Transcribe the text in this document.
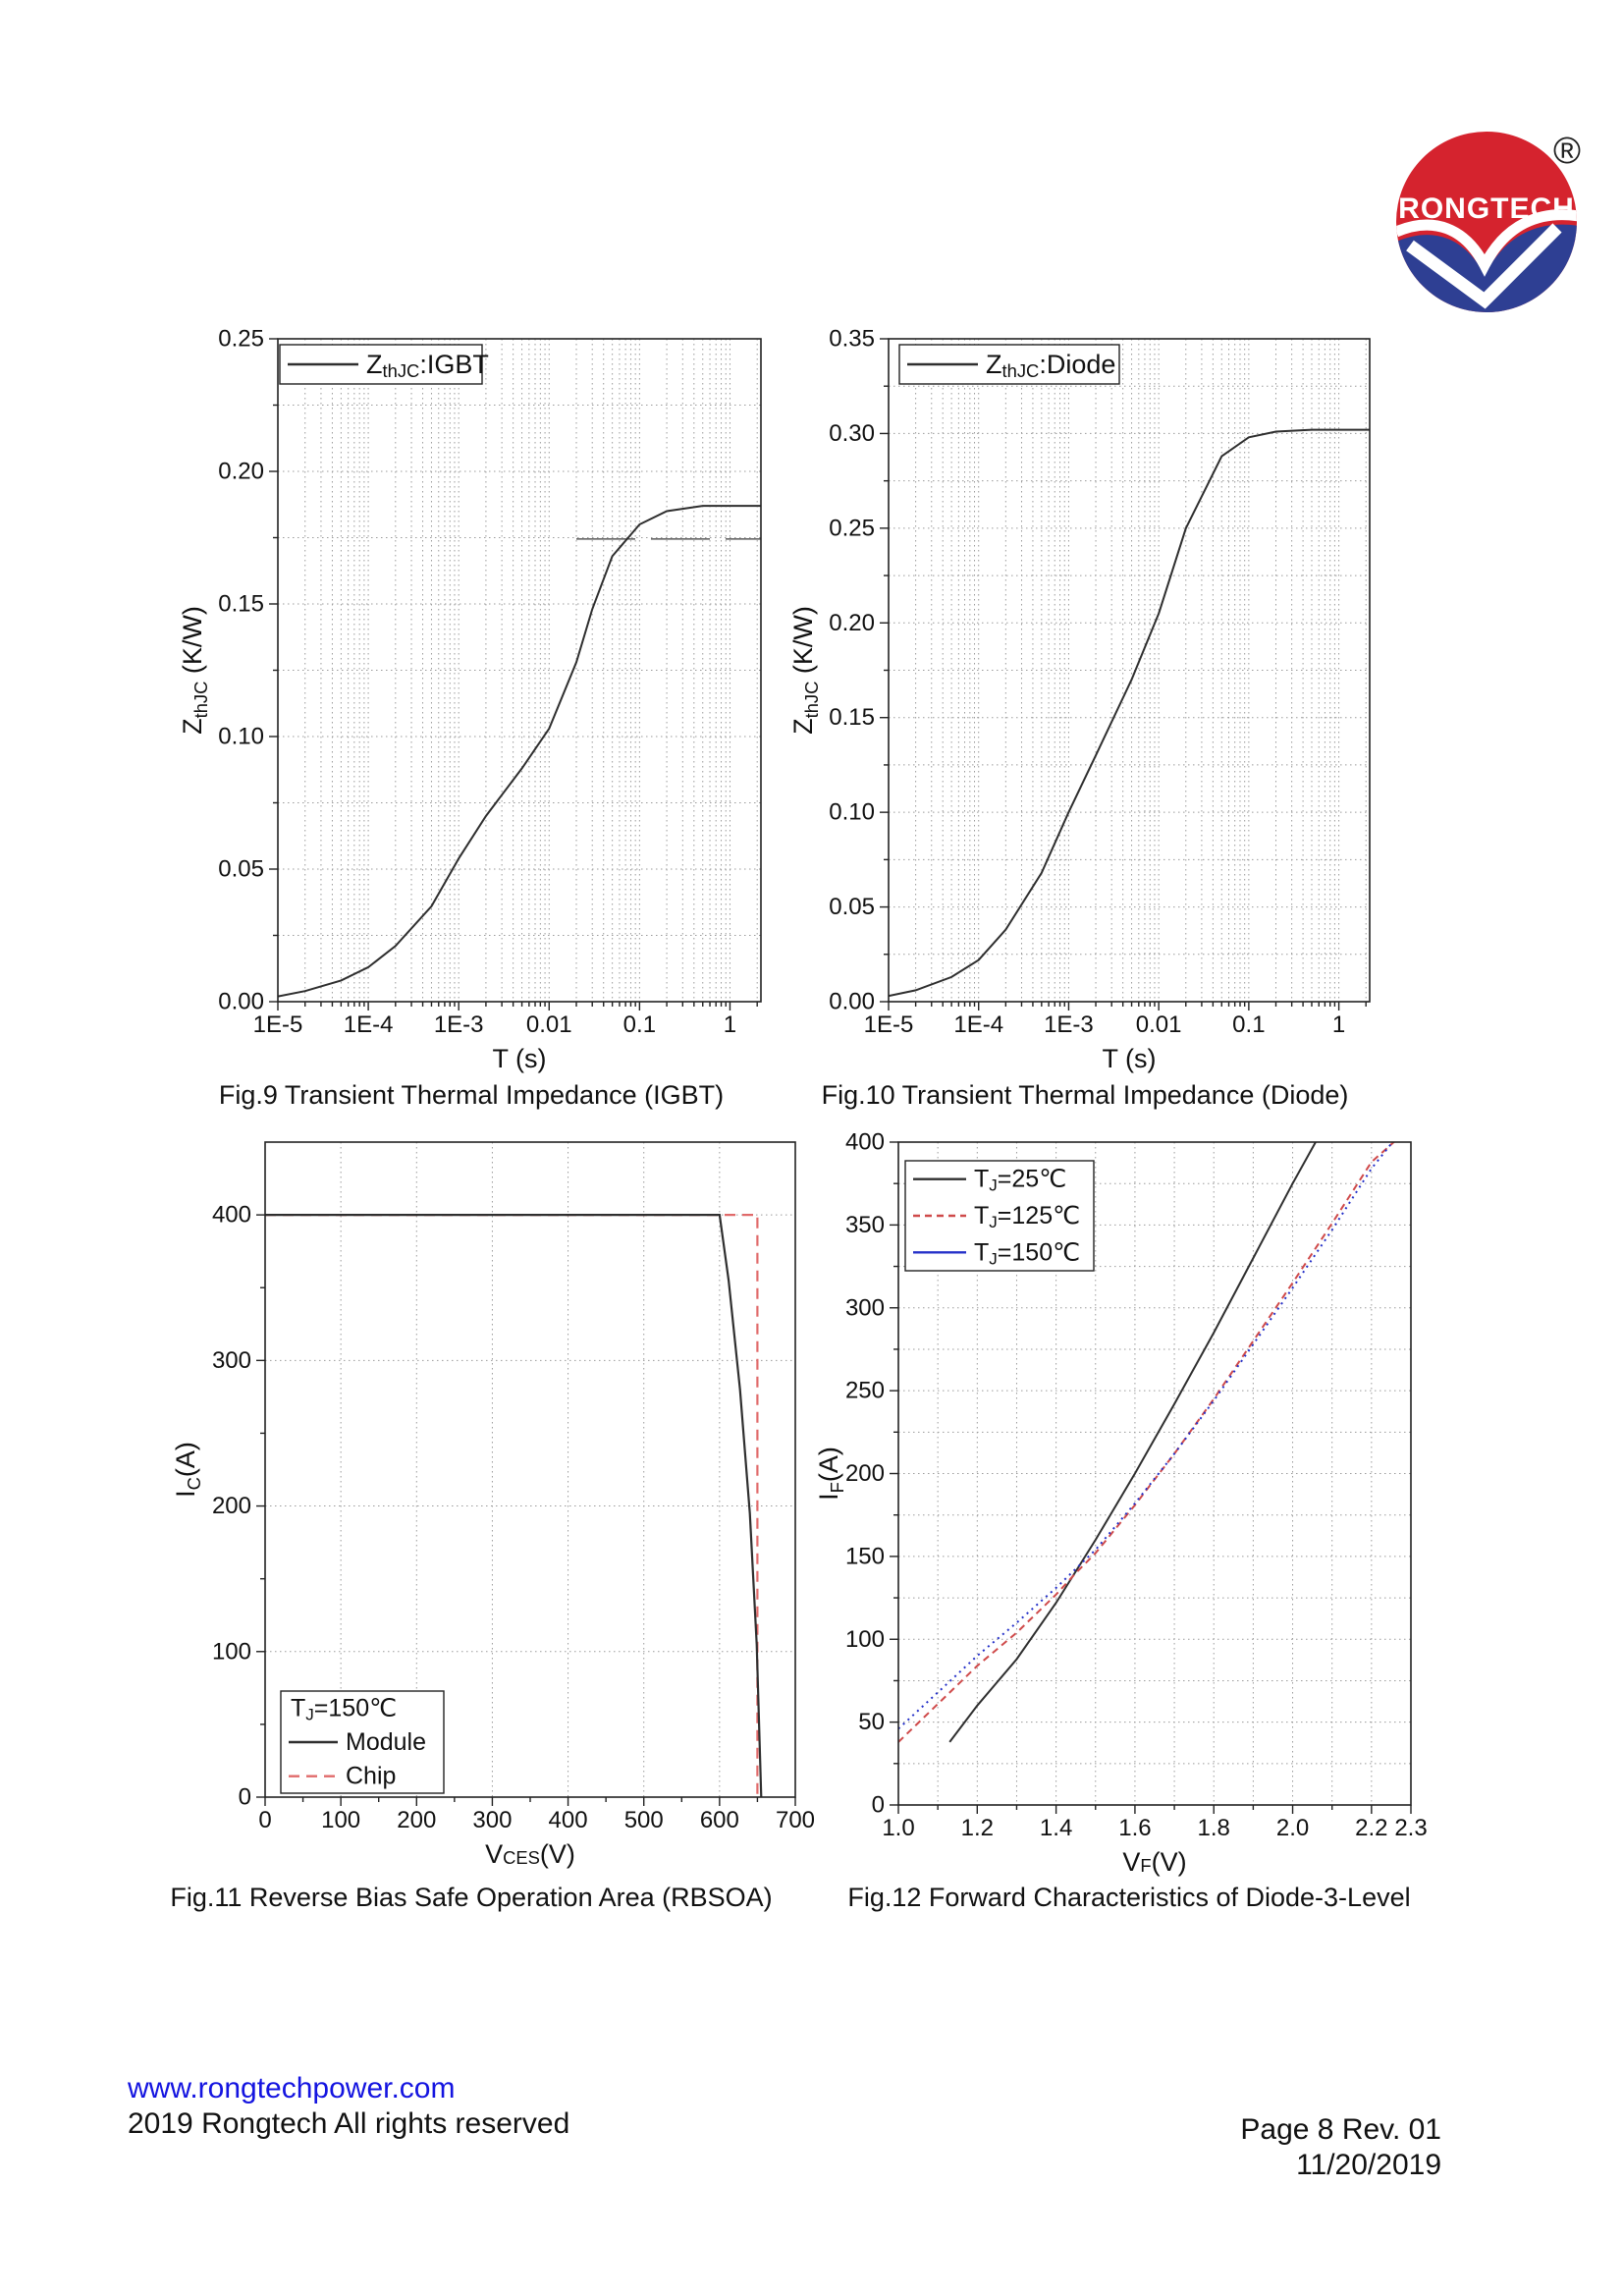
RONGTECH
®
1E-5 1E-4 1E-3 0.01 0.1	1
0.00
0.05
0.10
0.15
0.20
0.25
T (s)
$Z_{thJC}$ (K/W)
$Z_{thJC}:IGBT$
1E-5 1E-4 1E-3 0.01 0.1	1
0.00
0.05
0.10
0.15
0.20
0.25
0.30
0.35
T (s)
$Z_{thJC}$ (K/W)
$Z_{thJC}:Diode$
0 100 200 300 400 500 600 700
0
100
200
300
400
$V_{CES}(V)$
$I_C(A)$
$T_J=150℃$
Module
Chip
1.0 1.2 1.4 1.6 1.8 2.0 2.2 2.3
0
50
100
150
200
250
300
350
400
$V_F(V)$
$I_F(A)$
$T_J=25℃$
$T_J=125℃$
$T_J=150℃$
Fig.9 Transient Thermal Impedance (IGBT)	Fig.10 Transient Thermal Impedance (Diode)
Fig.11 Reverse Bias Safe Operation Area (RBSOA)	Fig.12 Forward Characteristics of Diode-3-Level
www.rongtechpower.com
2019 Rongtech All rights reserved	Page 8 Rev. 01
11/20/2019
